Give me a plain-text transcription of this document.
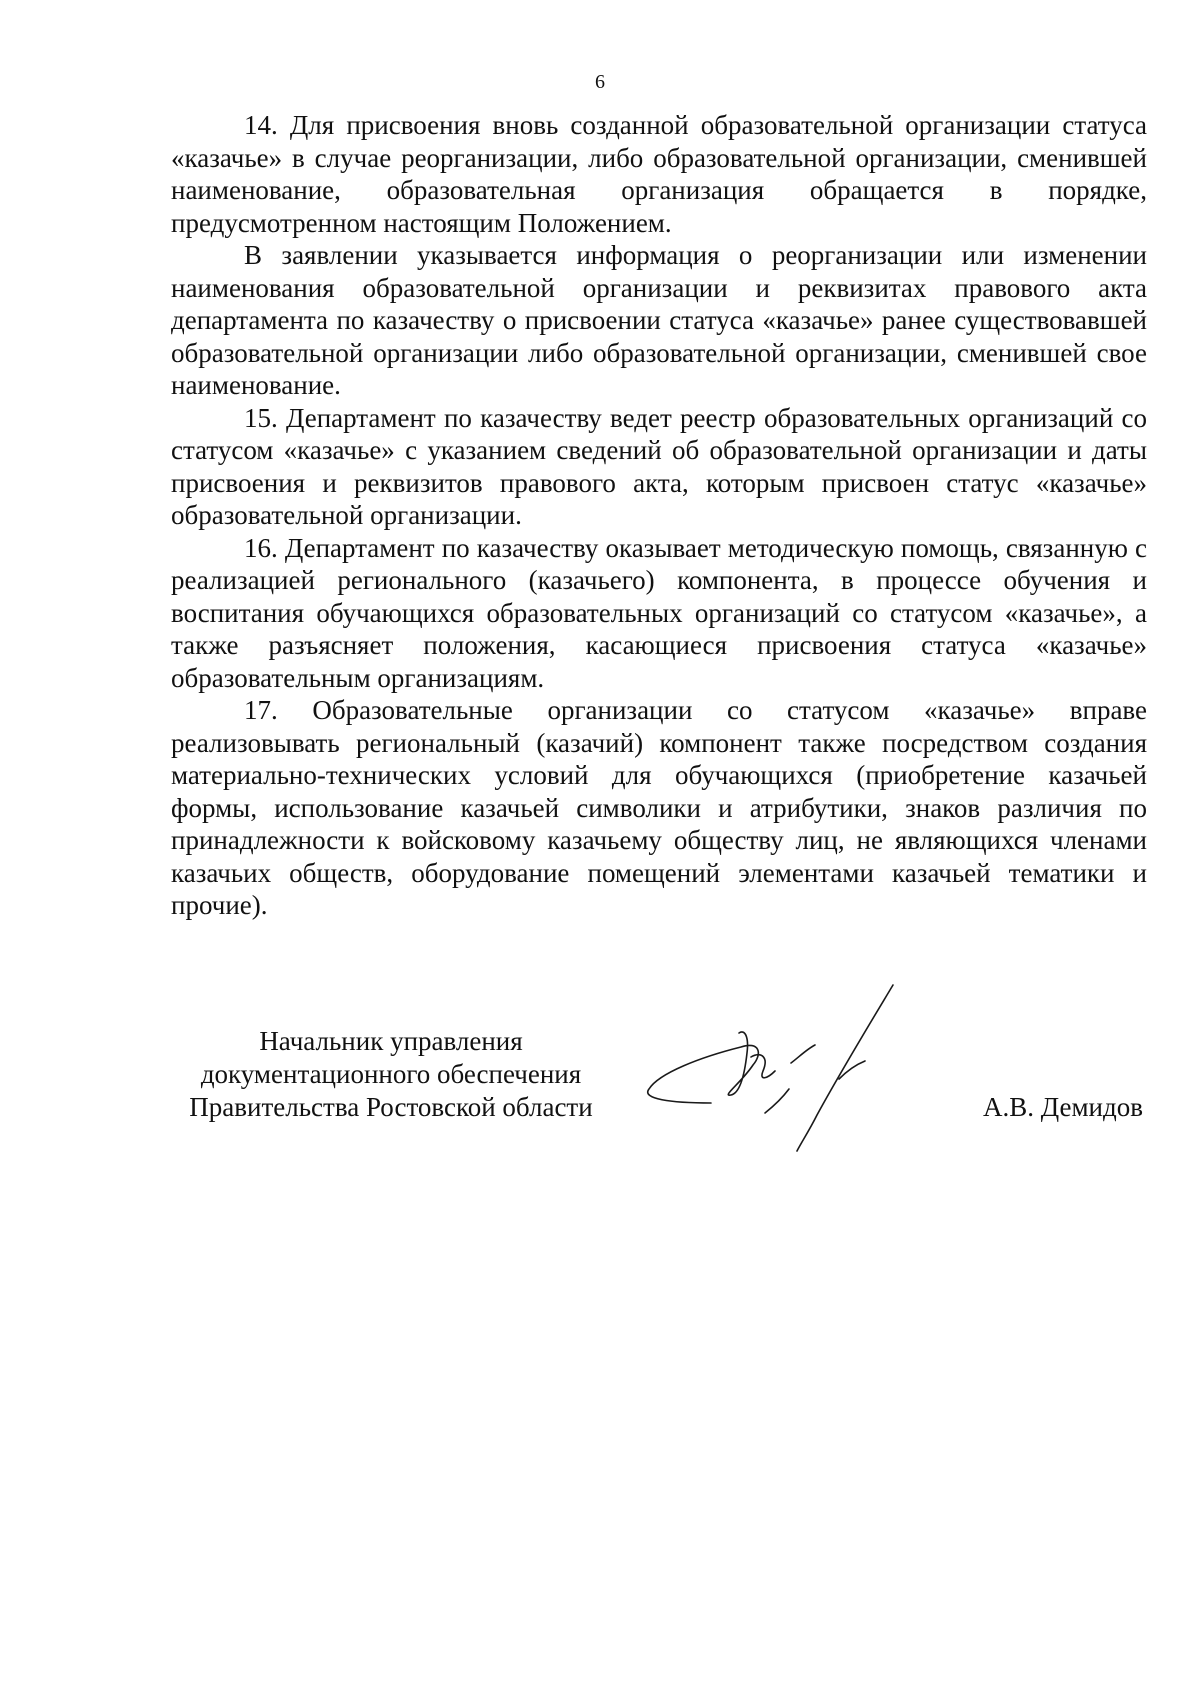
6

14. Для присвоения вновь созданной образовательной организации статуса «казачье» в случае реорганизации, либо образовательной организации, сменившей наименование, образовательная организация обращается в порядке, предусмотренном настоящим Положением.

В заявлении указывается информация о реорганизации или изменении наименования образовательной организации и реквизитах правового акта департамента по казачеству о присвоении статуса «казачье» ранее существовавшей образовательной организации либо образовательной организации, сменившей свое наименование.

15. Департамент по казачеству ведет реестр образовательных организаций со статусом «казачье» с указанием сведений об образовательной организации и даты присвоения и реквизитов правового акта, которым присвоен статус «казачье» образовательной организации.

16. Департамент по казачеству оказывает методическую помощь, связанную с реализацией регионального (казачьего) компонента, в процессе обучения и воспитания обучающихся образовательных организаций со статусом «казачье», а также разъясняет положения, касающиеся присвоения статуса «казачье» образовательным организациям.

17. Образовательные организации со статусом «казачье» вправе реализовывать региональный (казачий) компонент также посредством создания материально-технических условий для обучающихся (приобретение казачьей формы, использование казачьей символики и атрибутики, знаков различия по принадлежности к войсковому казачьему обществу лиц, не являющихся членами казачьих обществ, оборудование помещений элементами казачьей тематики и прочие).

Начальник управления
документационного обеспечения
Правительства Ростовской области	А.В. Демидов
